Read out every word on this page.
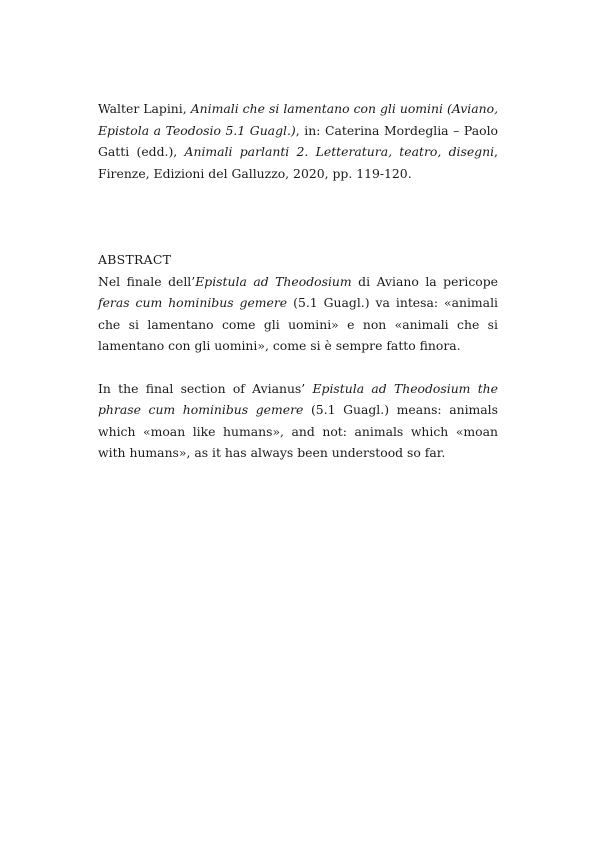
Walter Lapini, Animali che si lamentano con gli uomini (Aviano, Epistola a Teodosio 5.1 Guagl.), in: Caterina Mordeglia – Paolo Gatti (edd.), Animali parlanti 2. Letteratura, teatro, disegni, Firenze, Edizioni del Galluzzo, 2020, pp. 119-120.

ABSTRACT

Nel finale dell’Epistula ad Theodosium di Aviano la pericope feras cum hominibus gemere (5.1 Guagl.) va intesa: «animali che si lamentano come gli uomini» e non «animali che si lamentano con gli uomini», come si è sempre fatto finora.

In the final section of Avianus’ Epistula ad Theodosium the phrase cum hominibus gemere (5.1 Guagl.) means: animals which «moan like humans», and not: animals which «moan with humans», as it has always been understood so far.
